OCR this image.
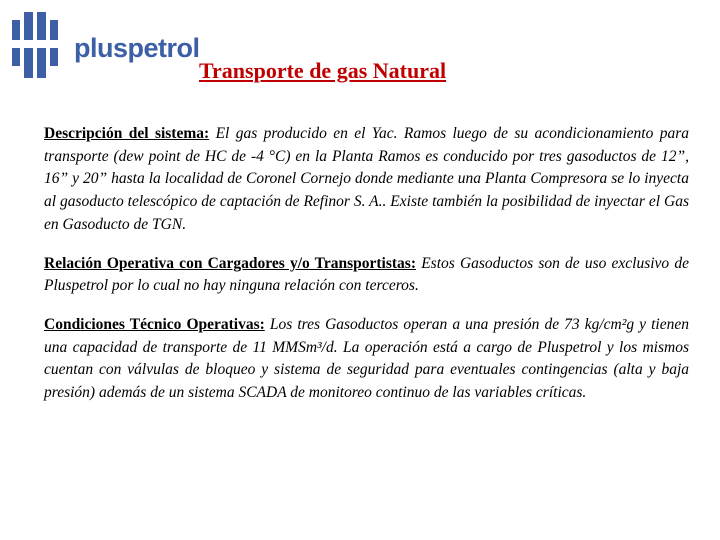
pluspetrol
Transporte de gas Natural

Descripción del sistema: El gas producido en el Yac. Ramos luego de su acondicionamiento para transporte (dew point de HC de -4 °C) en la Planta Ramos es conducido por tres gasoductos de 12”, 16” y 20” hasta la localidad de Coronel Cornejo donde mediante una Planta Compresora se lo inyecta al gasoducto telescópico de captación de Refinor S. A.. Existe también la posibilidad de inyectar el Gas en Gasoducto de TGN.

Relación Operativa con Cargadores y/o Transportistas: Estos Gasoductos son de uso exclusivo de Pluspetrol por lo cual no hay ninguna relación con terceros.

Condiciones Técnico Operativas: Los tres Gasoductos operan a una presión de 73 kg/cm²g y tienen una capacidad de transporte de 11 MMSm³/d. La operación está a cargo de Pluspetrol y los mismos cuentan con válvulas de bloqueo y sistema de seguridad para eventuales contingencias (alta y baja presión) además de un sistema SCADA de monitoreo continuo de las variables críticas.
